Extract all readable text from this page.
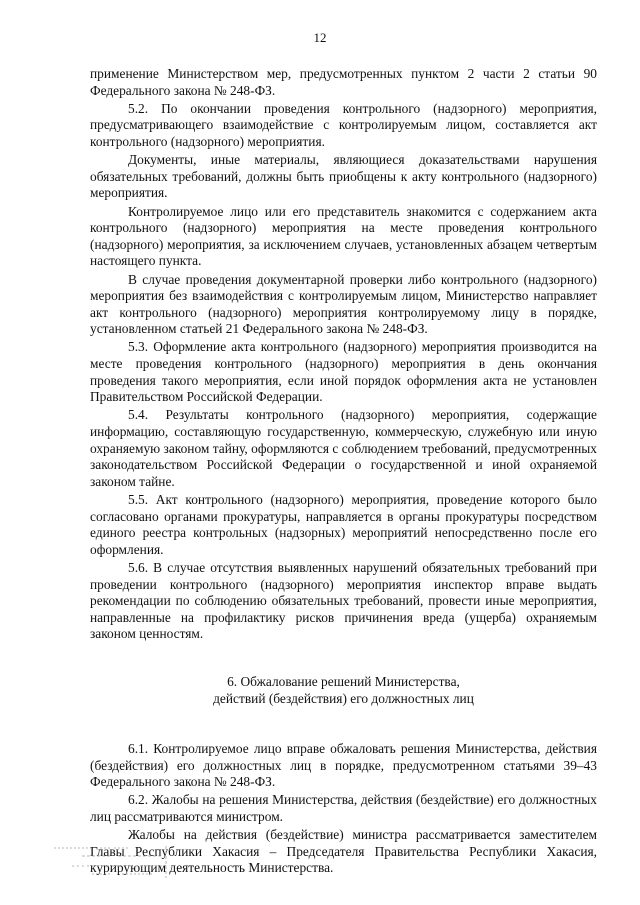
12

применение Министерством мер, предусмотренных пунктом 2 части 2 статьи 90 Федерального закона № 248-ФЗ.

5.2. По окончании проведения контрольного (надзорного) мероприятия, предусматривающего взаимодействие с контролируемым лицом, составляется акт контрольного (надзорного) мероприятия.

Документы, иные материалы, являющиеся доказательствами нарушения обязательных требований, должны быть приобщены к акту контрольного (надзорного) мероприятия.

Контролируемое лицо или его представитель знакомится с содержанием акта контрольного (надзорного) мероприятия на месте проведения контрольного (надзорного) мероприятия, за исключением случаев, установленных абзацем четвертым настоящего пункта.

В случае проведения документарной проверки либо контрольного (надзорного) мероприятия без взаимодействия с контролируемым лицом, Министерство направляет акт контрольного (надзорного) мероприятия контролируемому лицу в порядке, установленном статьей 21 Федерального закона № 248-ФЗ.

5.3. Оформление акта контрольного (надзорного) мероприятия производится на месте проведения контрольного (надзорного) мероприятия в день окончания проведения такого мероприятия, если иной порядок оформления акта не установлен Правительством Российской Федерации.

5.4. Результаты контрольного (надзорного) мероприятия, содержащие информацию, составляющую государственную, коммерческую, служебную или иную охраняемую законом тайну, оформляются с соблюдением требований, предусмотренных законодательством Российской Федерации о государственной и иной охраняемой законом тайне.

5.5. Акт контрольного (надзорного) мероприятия, проведение которого было согласовано органами прокуратуры, направляется в органы прокуратуры посредством единого реестра контрольных (надзорных) мероприятий непосредственно после его оформления.

5.6. В случае отсутствия выявленных нарушений обязательных требований при проведении контрольного (надзорного) мероприятия инспектор вправе выдать рекомендации по соблюдению обязательных требований, провести иные мероприятия, направленные на профилактику рисков причинения вреда (ущерба) охраняемым законом ценностям.

6. Обжалование решений Министерства,
действий (бездействия) его должностных лиц

6.1. Контролируемое лицо вправе обжаловать решения Министерства, действия (бездействия) его должностных лиц в порядке, предусмотренном статьями 39–43 Федерального закона № 248-ФЗ.

6.2. Жалобы на решения Министерства, действия (бездействие) его должностных лиц рассматриваются министром.

Жалобы на действия (бездействие) министра рассматривается заместителем Главы Республики Хакасия – Председателя Правительства Республики Хакасия, курирующим деятельность Министерства.
